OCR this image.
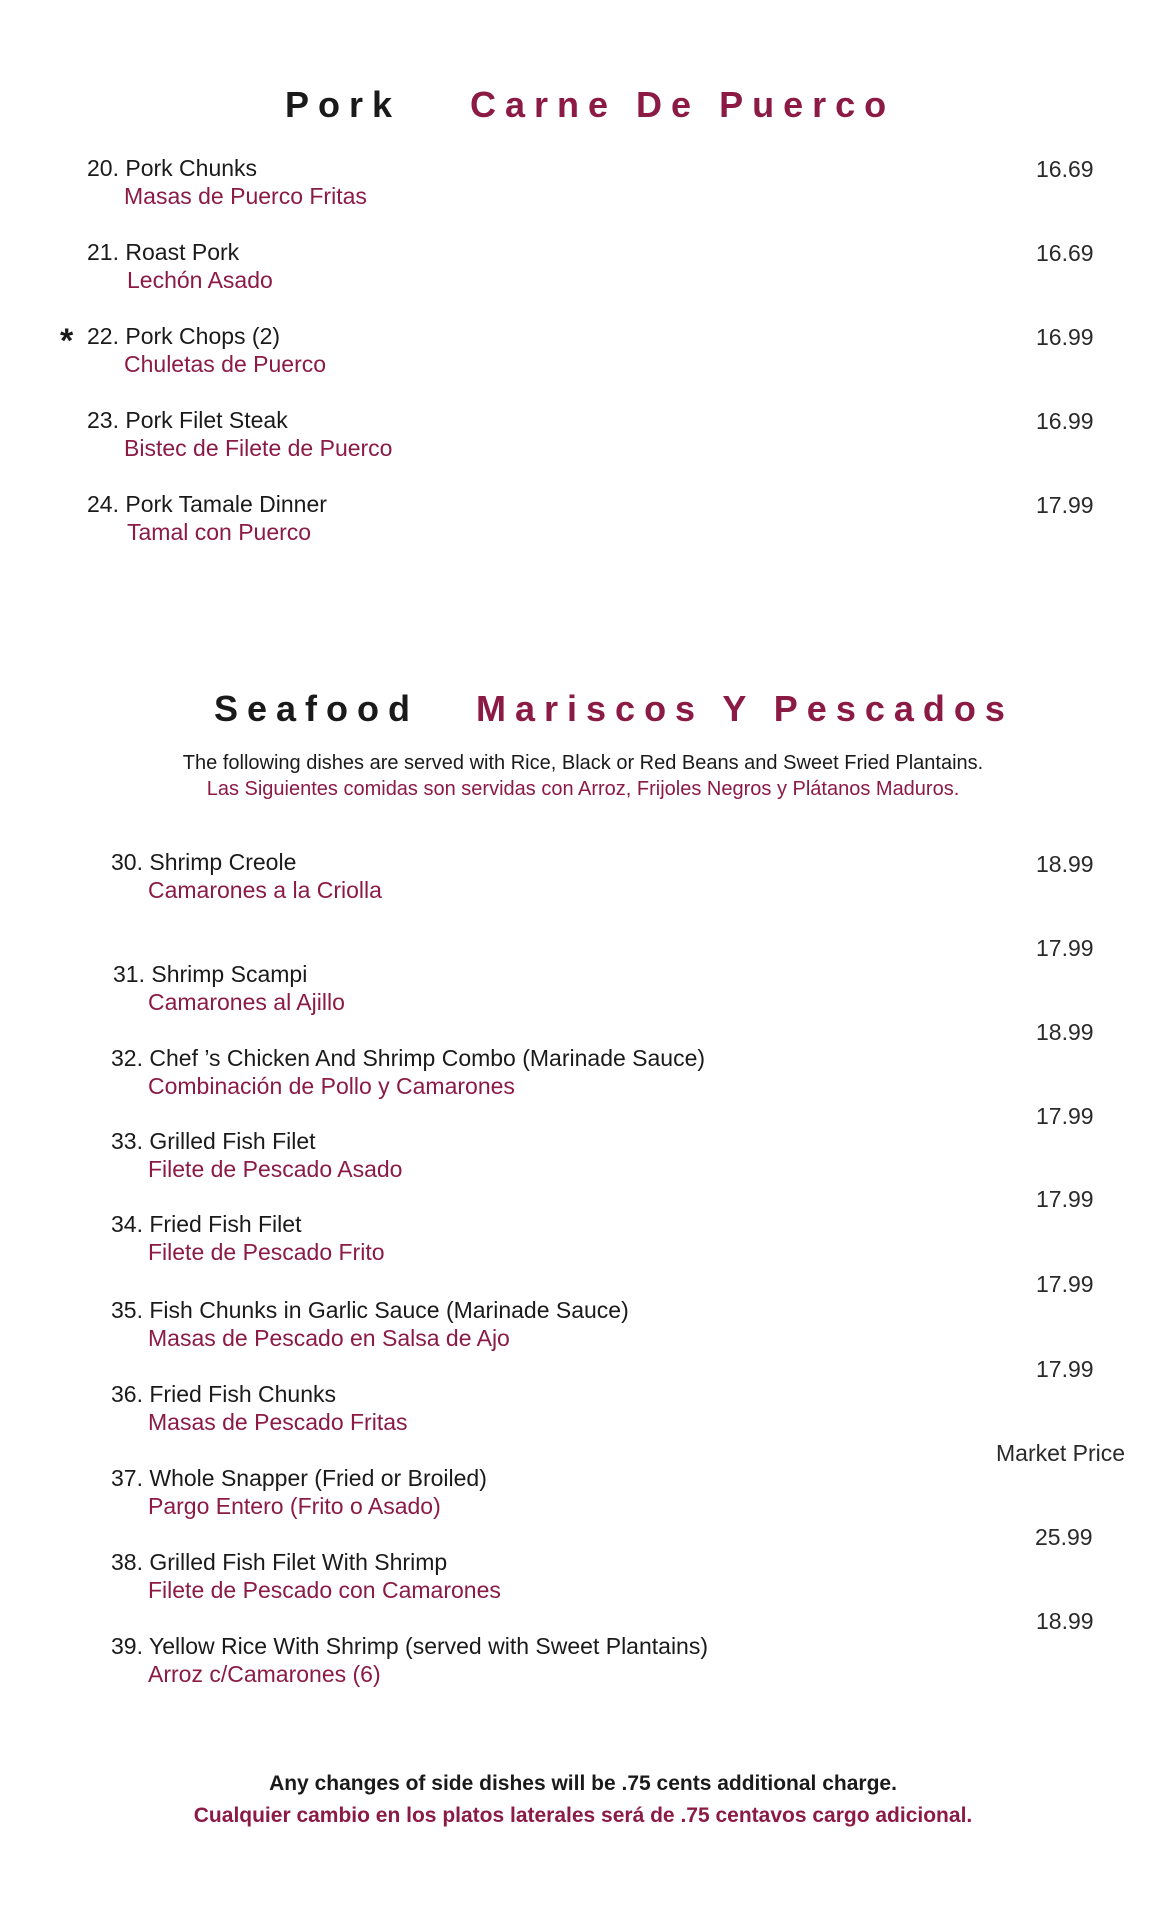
Pork Carne De Puerco
*
20. Pork Chunks
Masas de Puerco Fritas
16.69
21. Roast Pork
Lechón Asado
16.69
22. Pork Chops (2)
Chuletas de Puerco
16.99
23. Pork Filet Steak
Bistec de Filete de Puerco
16.99
24. Pork Tamale Dinner
Tamal con Puerco
17.99
Seafood Mariscos Y Pescados
The following dishes are served with Rice, Black or Red Beans and Sweet Fried Plantains.
Las Siguientes comidas son servidas con Arroz, Frijoles Negros y Plátanos Maduros.
30. Shrimp Creole
Camarones a la Criolla
18.99
17.99
31. Shrimp Scampi
Camarones al Ajillo
18.99
32. Chef ’s Chicken And Shrimp Combo (Marinade Sauce)
Combinación de Pollo y Camarones
17.99
33. Grilled Fish Filet
Filete de Pescado Asado
17.99
34. Fried Fish Filet
Filete de Pescado Frito
17.99
35. Fish Chunks in Garlic Sauce (Marinade Sauce)
Masas de Pescado en Salsa de Ajo
17.99
36. Fried Fish Chunks
Masas de Pescado Fritas
Market Price
37. Whole Snapper (Fried or Broiled)
Pargo Entero (Frito o Asado)
25.99
38. Grilled Fish Filet With Shrimp
Filete de Pescado con Camarones
18.99
39. Yellow Rice With Shrimp (served with Sweet Plantains)
Arroz c/Camarones (6)
Any changes of side dishes will be .75 cents additional charge.
Cualquier cambio en los platos laterales será de .75 centavos cargo adicional.
